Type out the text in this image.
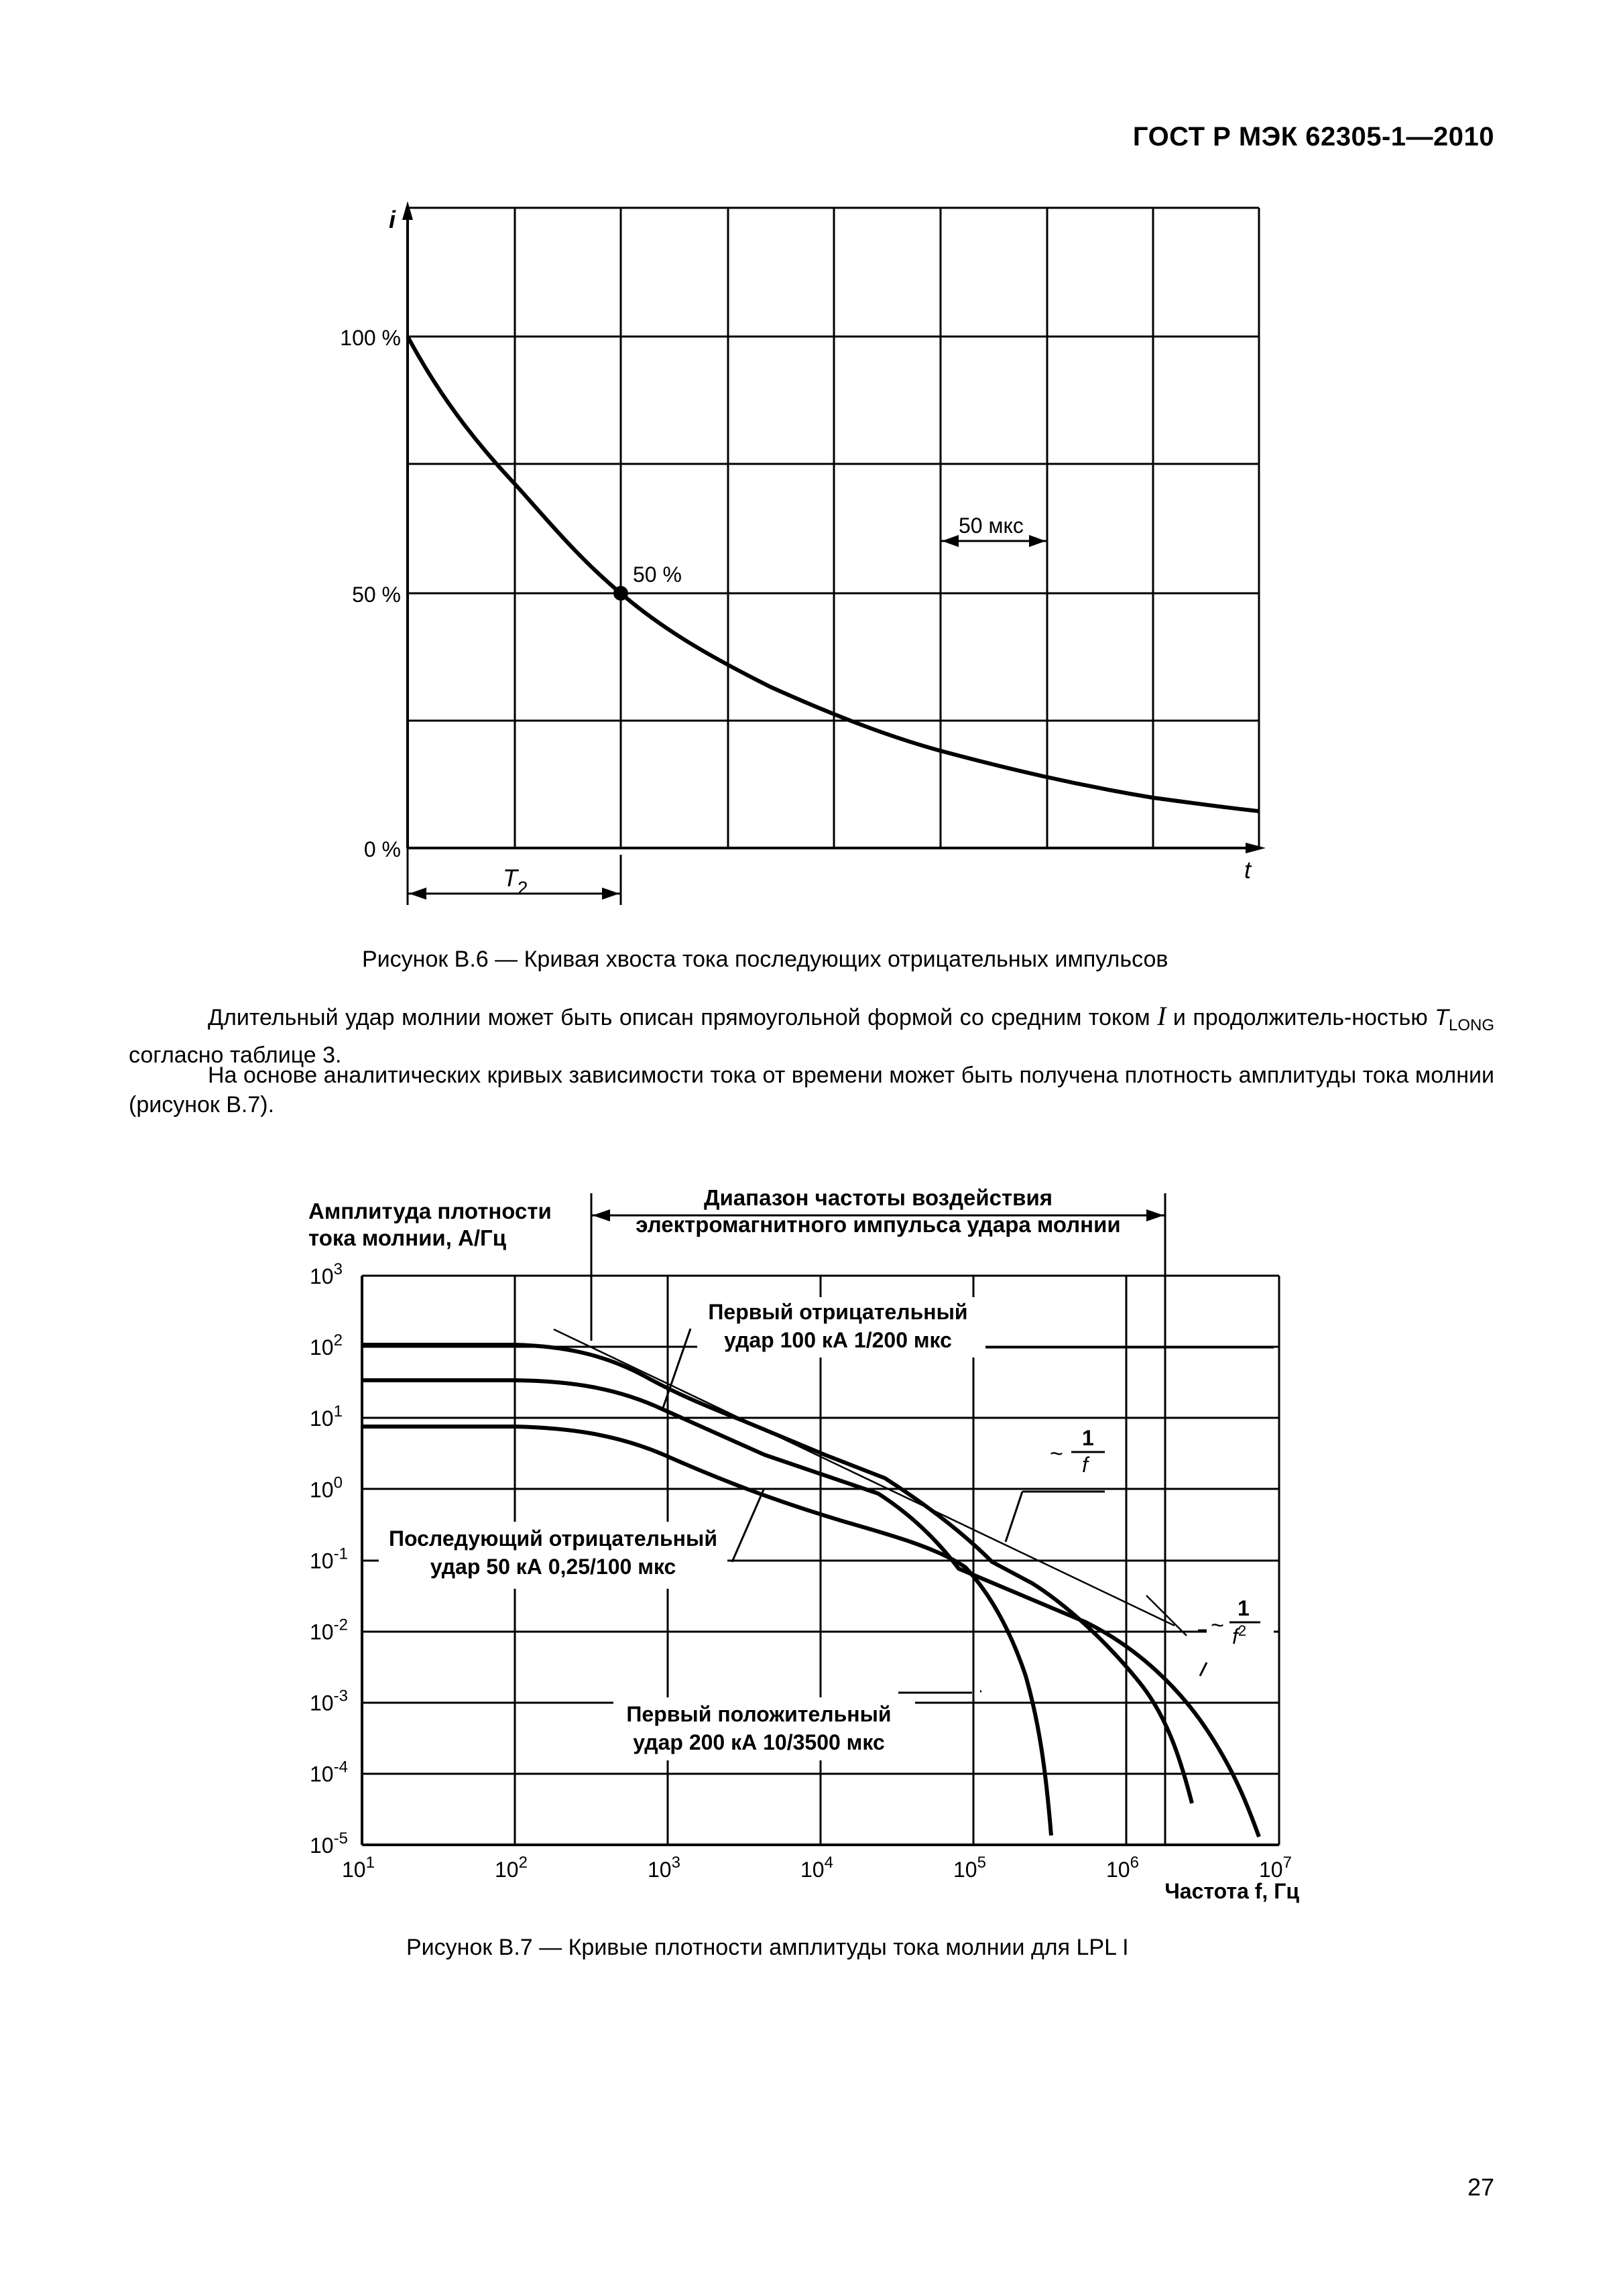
ГОСТ Р МЭК 62305-1—2010
i
100 %
50 %
0 %
50 %
50 мкс
t
$T_2$
Рисунок В.6 — Кривая хвоста тока последующих отрицательных импульсов
Длительный удар молнии может быть описан прямоугольной формой со средним током I и продолжитель-ностью $T_{LONG}$ согласно таблице 3.
На основе аналитических кривых зависимости тока от времени может быть получена плотность амплитуды тока молнии (рисунок В.7).
Амплитуда плотности
тока молнии, А/Гц
Диапазон частоты воздействия
электромагнитного импульса удара молнии
Первый отрицательный
удар 100 кА 1/200 мкс
Последующий отрицательный
удар 50 кА 0,25/100 мкс
Первый положительный
удар 200 кА 10/3500 мкс
~
1
f
~
1
$f^2$
$10^3$
$10^2$
$10^1$
$10^0$
$10^{-1}$
$10^{-2}$
$10^{-3}$
$10^{-4}$
$10^{-5}$
$10^1$	$10^2$	$10^3$	$10^4$	$10^5$	$10^6$	$10^7$
Частота f, Гц
Рисунок В.7 — Кривые плотности амплитуды тока молнии для LPL I
27
